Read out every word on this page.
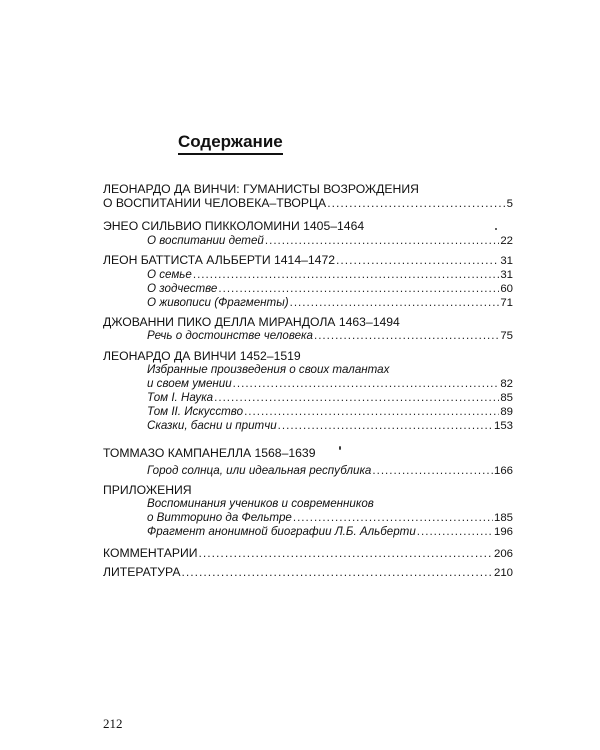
Содержание
ЛЕОНАРДО ДА ВИНЧИ: ГУМАНИСТЫ ВОЗРОЖДЕНИЯ
О ВОСПИТАНИИ ЧЕЛОВЕКА–ТВОРЦА .....	5
ЭНЕО СИЛЬВИО ПИККОЛОМИНИ 1405–1464
О воспитании детей .....	22
ЛЕОН БАТТИСТА АЛЬБЕРТИ 1414–1472 .....	31
О семье .....	31
О зодчестве .....	60
О живописи (Фрагменты) .....	71
ДЖОВАННИ ПИКО ДЕЛЛА МИРАНДОЛА 1463–1494
Речь о достоинстве человека .....	75
ЛЕОНАРДО ДА ВИНЧИ 1452–1519
Избранные произведения о своих талантах
и своем умении .....	82
Том I. Наука .....	85
Том II. Искусство .....	89
Сказки, басни и притчи .....	153
ТОММАЗО КАМПАНЕЛЛА 1568–1639
Город солнца, или идеальная республика .....	166
ПРИЛОЖЕНИЯ
Воспоминания учеников и современников
о Витторино да Фельтре .....	185
Фрагмент анонимной биографии Л.Б. Альберти .....	196
КОММЕНТАРИИ .....	206
ЛИТЕРАТУРА .....	210
212
